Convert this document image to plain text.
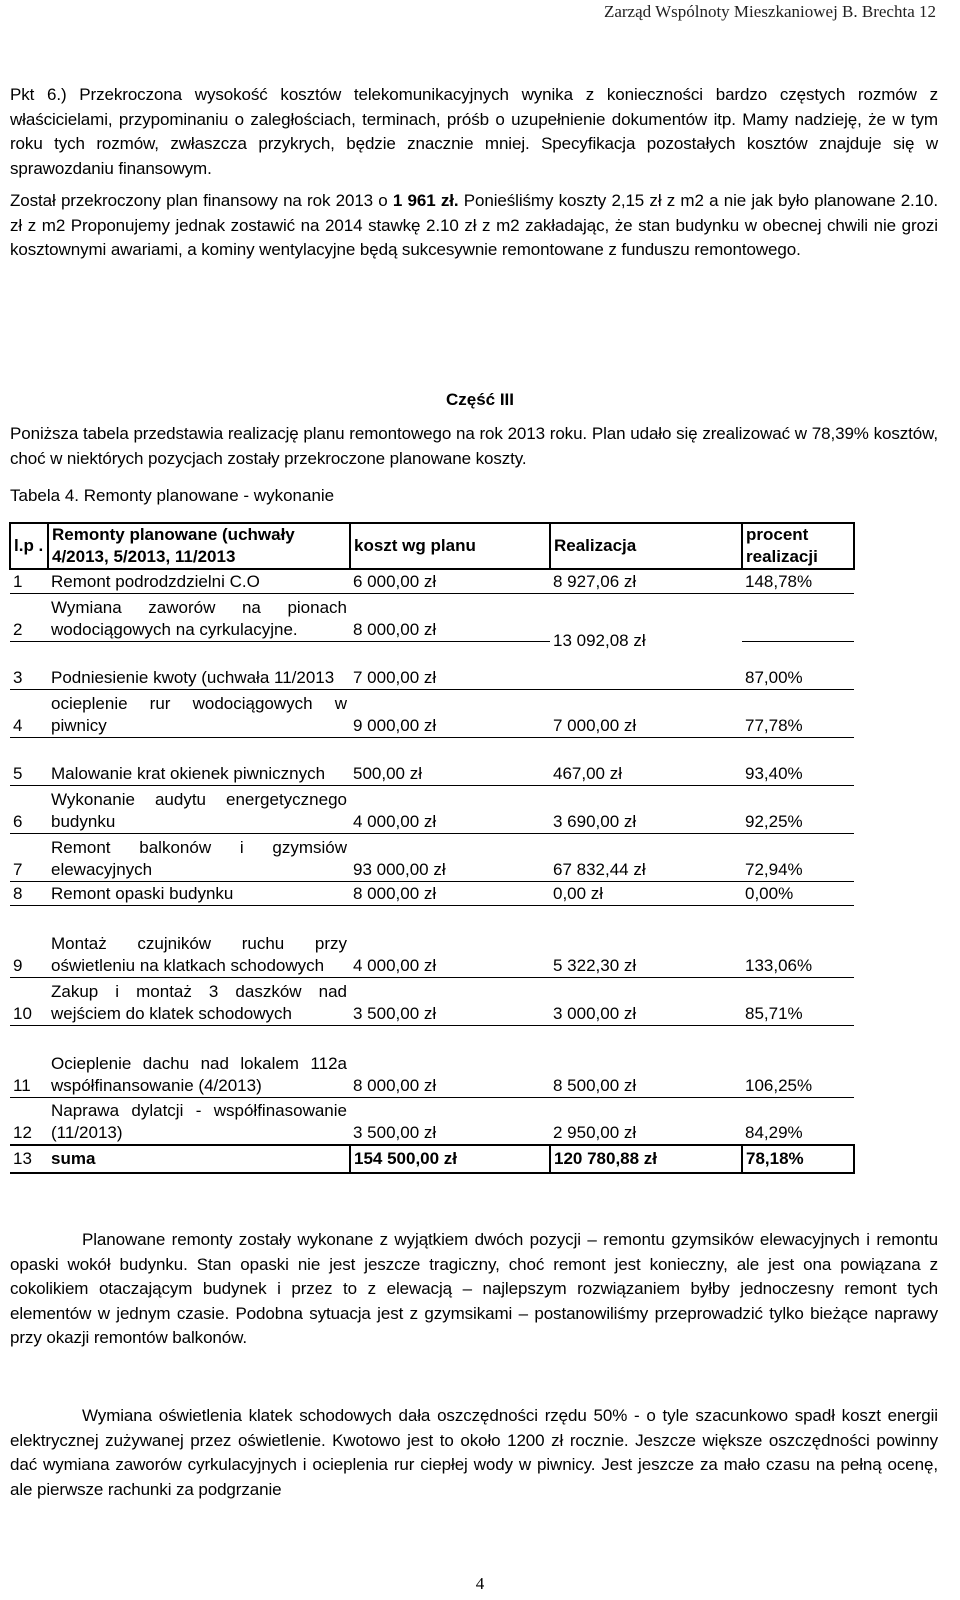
Zarząd Wspólnoty Mieszkaniowej B. Brechta 12
Pkt 6.) Przekroczona wysokość kosztów telekomunikacyjnych wynika z konieczności bardzo częstych rozmów z właścicielami, przypominaniu o zaległościach, terminach, próśb o uzupełnienie dokumentów itp. Mamy nadzieję, że w tym roku tych rozmów, zwłaszcza przykrych, będzie znacznie mniej. Specyfikacja pozostałych kosztów znajduje się w sprawozdaniu finansowym.
Został przekroczony plan finansowy na rok 2013 o 1 961 zł. Ponieśliśmy koszty 2,15 zł z m2 a nie jak było planowane 2.10. zł z m2 Proponujemy jednak zostawić na 2014 stawkę 2.10 zł z m2 zakładając, że stan budynku w obecnej chwili nie grozi kosztownymi awariami, a kominy wentylacyjne będą sukcesywnie remontowane z funduszu remontowego.
Część III
Poniższa tabela przedstawia realizację planu remontowego na rok 2013 roku. Plan udało się zrealizować w 78,39% kosztów, choć w niektórych pozycjach zostały przekroczone planowane koszty.
Tabela 4. Remonty planowane - wykonanie
l.p .	Remonty planowane (uchwały 4/2013, 5/2013, 11/2013	koszt wg planu	Realizacja	procent realizacji
1	Remont podrodzdzielni C.O	6 000,00 zł	8 927,06 zł	148,78%
2	Wymiana zaworów na pionach wodociągowych na cyrkulacyjne.	8 000,00 zł	13 092,08 zł	
3	Podniesienie kwoty (uchwała 11/2013	7 000,00 zł		87,00%
4	ocieplenie rur wodociągowych w piwnicy	9 000,00 zł	7 000,00 zł	77,78%
5	Malowanie krat okienek piwnicznych	500,00 zł	467,00 zł	93,40%
6	Wykonanie audytu energetycznego budynku	4 000,00 zł	3 690,00 zł	92,25%
7	Remont balkonów i gzymsiów elewacyjnych	93 000,00 zł	67 832,44 zł	72,94%
8	Remont opaski budynku	8 000,00 zł	0,00 zł	0,00%
9	Montaż czujników ruchu przy oświetleniu na klatkach schodowych	4 000,00 zł	5 322,30 zł	133,06%
10	Zakup i montaż 3 daszków nad wejściem do klatek schodowych	3 500,00 zł	3 000,00 zł	85,71%
11	Ocieplenie dachu nad lokalem 112a współfinansowanie (4/2013)	8 000,00 zł	8 500,00 zł	106,25%
12	Naprawa dylatcji - współfinasowanie (11/2013)	3 500,00 zł	2 950,00 zł	84,29%
13	suma	154 500,00 zł	120 780,88 zł	78,18%
Planowane remonty zostały wykonane z wyjątkiem dwóch pozycji – remontu gzymsików elewacyjnych i remontu opaski wokół budynku. Stan opaski nie jest jeszcze tragiczny, choć remont jest konieczny, ale jest ona powiązana z cokolikiem otaczającym budynek i przez to z elewacją – najlepszym rozwiązaniem byłby jednoczesny remont tych elementów w jednym czasie. Podobna sytuacja jest z gzymsikami – postanowiliśmy przeprowadzić tylko bieżące naprawy przy okazji remontów balkonów.
Wymiana oświetlenia klatek schodowych dała oszczędności rzędu 50% - o tyle szacunkowo spadł koszt energii elektrycznej zużywanej przez oświetlenie. Kwotowo jest to około 1200 zł rocznie. Jeszcze większe oszczędności powinny dać wymiana zaworów cyrkulacyjnych i ocieplenia rur ciepłej wody w piwnicy. Jest jeszcze za mało czasu na pełną ocenę, ale pierwsze rachunki za podgrzanie
4
